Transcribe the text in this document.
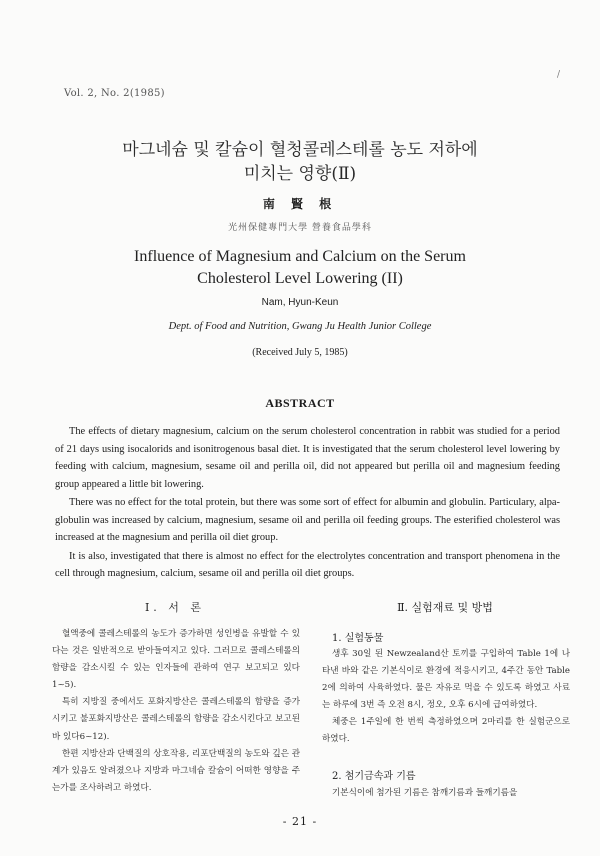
Vol. 2, No. 2(1985)
/
마그네슘 및 칼슘이 혈청콜레스테롤 농도 저하에
미치는 영향(Ⅱ)
南 賢 根
光州保健專門大學 營養食品學科
Influence of Magnesium and Calcium on the Serum
Cholesterol Level Lowering (II)
Nam, Hyun-Keun
Dept. of Food and Nutrition, Gwang Ju Health Junior College
(Received July 5, 1985)
ABSTRACT

The effects of dietary magnesium, calcium on the serum cholesterol concentration in rabbit was studied for a period of 21 days using isocalorids and isonitrogenous basal diet. It is investigated that the serum cholesterol level lowering by feeding with calcium, magnesium, sesame oil and perilla oil, did not appeared but perilla oil and magnesium feeding group appeared a little bit lowering.

There was no effect for the total protein, but there was some sort of effect for albumin and globulin. Particulary, alpa-globulin was increased by calcium, magnesium, sesame oil and perilla oil feeding groups. The esterified cholesterol was increased at the magnesium and perilla oil diet group.

It is also, investigated that there is almost no effect for the electrolytes concentration and transport phenomena in the cell through magnesium, calcium, sesame oil and perilla oil diet groups.

Ⅰ. 서 론	Ⅱ. 실험재료 및 방법

혈액중에 콜레스테롤의 농도가 증가하면 성인병을 유발할 수 있다는 것은 일반적으로 받아들여지고 있다. 그러므로 콜레스테롤의 함량을 감소시킬 수 있는 인자들에 관하여 연구 보고되고 있다1~5).

특히 지방질 중에서도 포화지방산은 콜레스테롤의 함량을 증가시키고 불포화지방산은 콜레스테롤의 함량을 감소시킨다고 보고된 바 있다6~12).

한편 지방산과 단백질의 상호작용, 리포단백질의 농도와 깊은 관계가 있음도 알려졌으나 지방과 마그네슘 칼슘이 어떠한 영향을 주는가를 조사하려고 하였다.

1. 실험동물

생후 30일 된 Newzealand산 토끼를 구입하여 Table 1에 나타낸 바와 같은 기본식이로 환경에 적응시키고, 4주간 동안 Table 2에 의하여 사육하였다. 물은 자유로 먹을 수 있도록 하였고 사료는 하루에 3번 즉 오전 8시, 정오, 오후 6시에 급여하였다.

체중은 1주일에 한 번씩 측정하였으며 2마리를 한 실험군으로 하였다.

2. 첨기금속과 기름

기본식이에 첨가된 기름은 참깨기름과 들깨기름을

- 21 -
